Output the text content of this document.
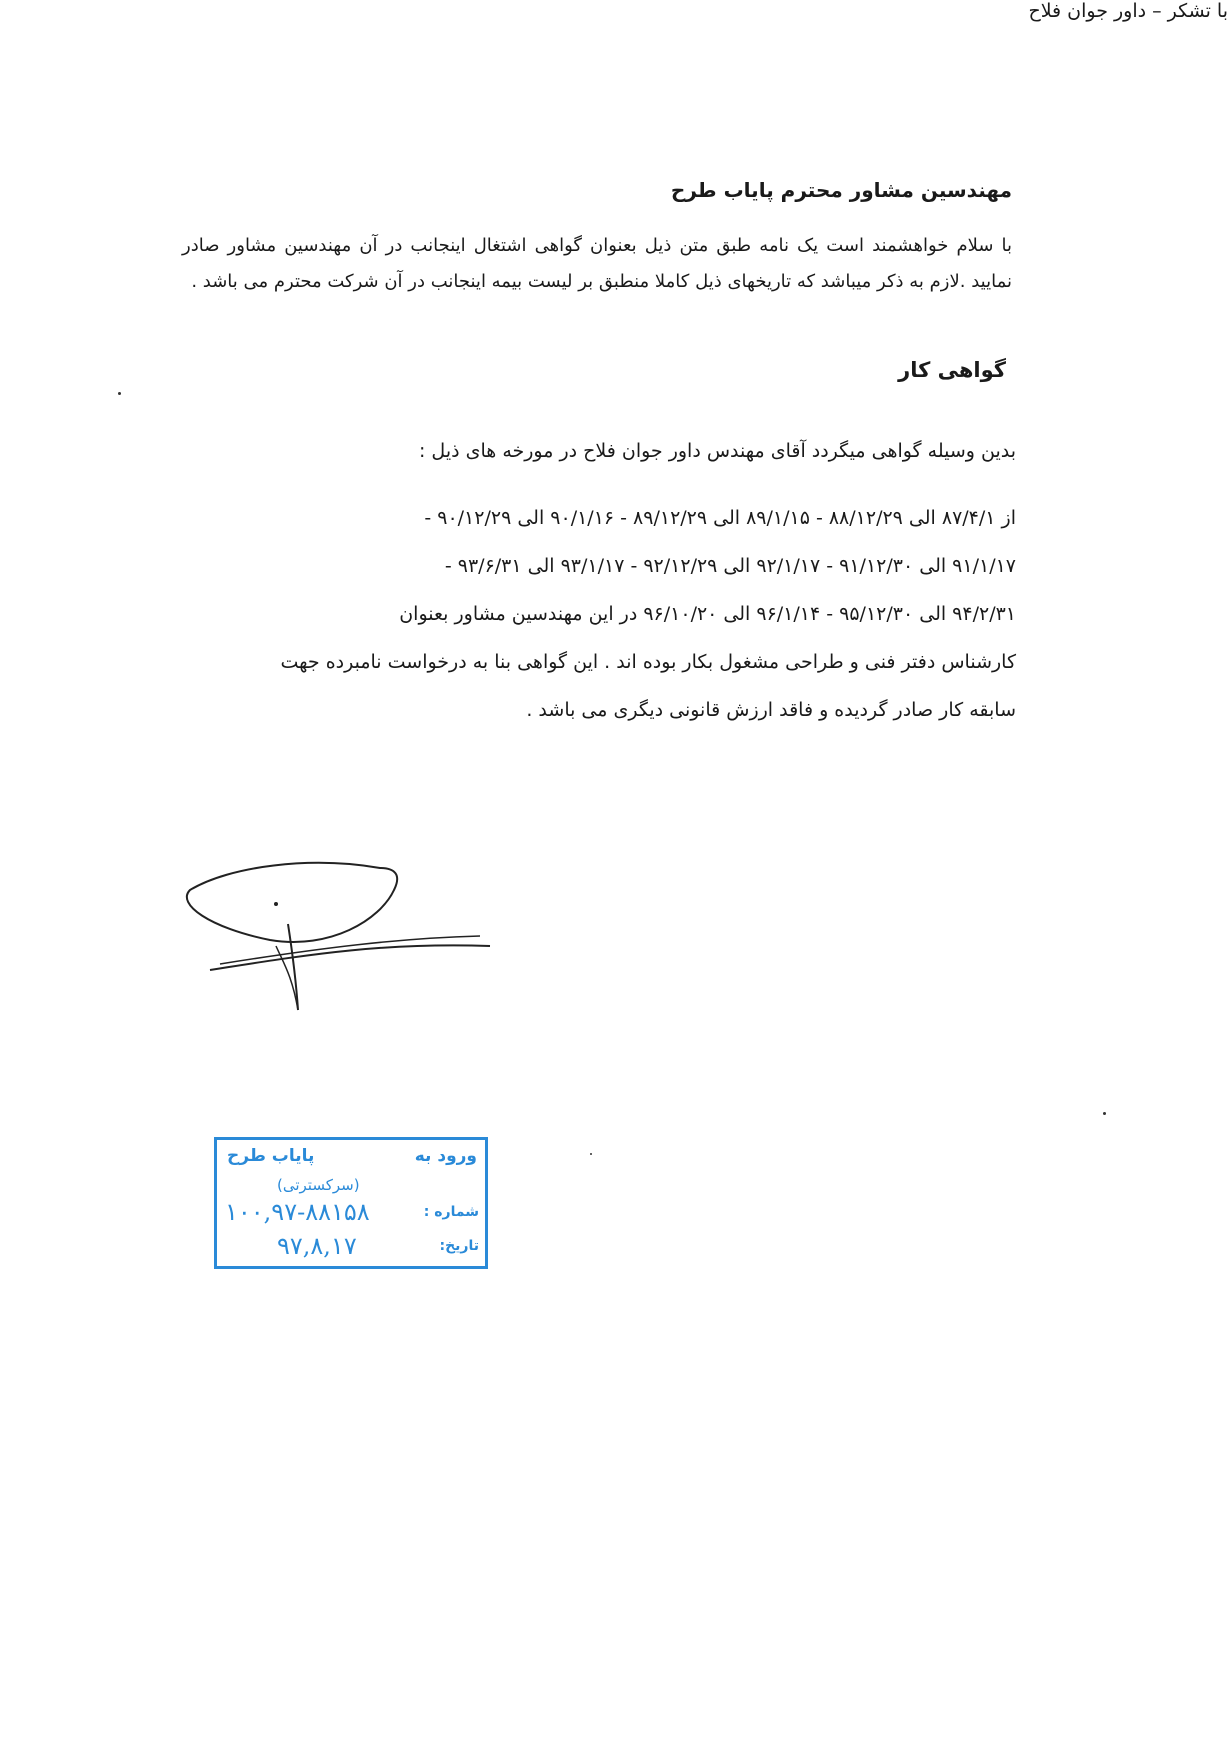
مهندسین مشاور محترم پایاب طرح
با سلام خواهشمند است یک نامه طبق متن ذیل بعنوان گواهی اشتغال اینجانب در آن مهندسین مشاور صادر نمایید .لازم به ذکر میباشد که تاریخهای ذیل کاملا منطبق بر لیست بیمه اینجانب در آن شرکت محترم می باشد .
گواهی کار
بدین وسیله گواهی میگردد آقای مهندس داور جوان فلاح در مورخه های ذیل :

از ۸۷/۴/۱ الی ۸۸/۱۲/۲۹ - ۸۹/۱/۱۵ الی ۸۹/۱۲/۲۹ - ۹۰/۱/۱۶ الی ۹۰/۱۲/۲۹ -

۹۱/۱/۱۷ الی ۹۱/۱۲/۳۰ - ۹۲/۱/۱۷ الی ۹۲/۱۲/۲۹ - ۹۳/۱/۱۷ الی ۹۳/۶/۳۱ -

۹۴/۲/۳۱ الی ۹۵/۱۲/۳۰ - ۹۶/۱/۱۴ الی ۹۶/۱۰/۲۰ در این مهندسین مشاور بعنوان

کارشناس دفتر فنی و طراحی مشغول بکار بوده اند . این گواهی بنا به درخواست نامبرده جهت

سابقه کار صادر گردیده و فاقد ارزش قانونی دیگری می باشد .

با تشکر – داور جوان فلاح
ورود به
پایاب طرح
(سرکسترتی)
شماره :
۱۰۰,۹۷-۸۸۱۵۸
تاریخ:
۹۷,۸,۱۷
